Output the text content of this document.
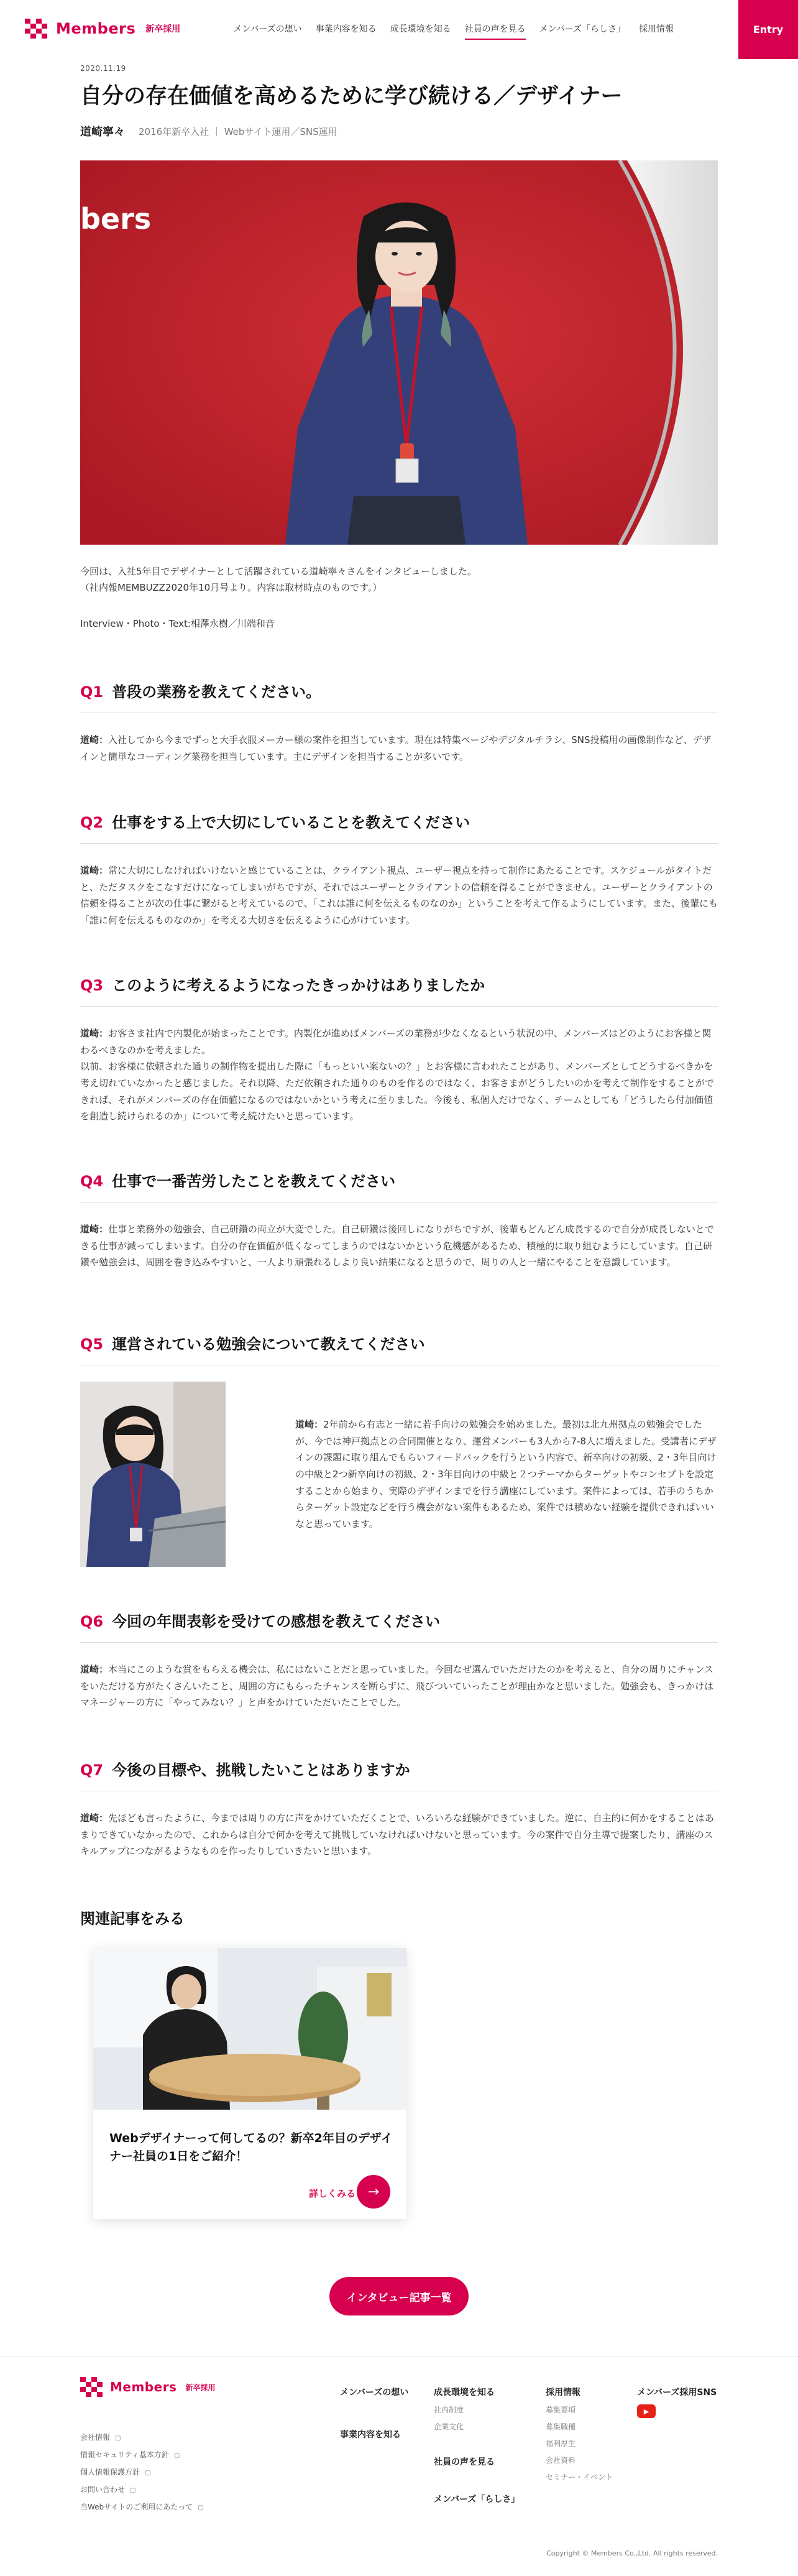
Members 新卒採用	メンバーズの想い 事業内容を知る 成長環境を知る 社員の声を見る メンバーズ「らしさ」 採用情報	Entry
2020.11.19
自分の存在価値を高めるために学び続ける／デザイナー
道崎寧々 2016年新卒入社 ｜ Webサイト運用／SNS運用
bers

今回は、入社5年目でデザイナーとして活躍されている道崎寧々さんをインタビューしました。
（社内報MEMBUZZ2020年10月号より。内容は取材時点のものです。）

Interview・Photo・Text:相澤永樹／川端和音

Q1 普段の業務を教えてください。

道崎：入社してから今までずっと大手衣服メーカー様の案件を担当しています。現在は特集ページやデジタルチラシ、SNS投稿用の画像制作など、デザインと簡単なコーディング業務を担当しています。主にデザインを担当することが多いです。

Q2 仕事をする上で大切にしていることを教えてください

道崎：常に大切にしなければいけないと感じていることは、クライアント視点、ユーザー視点を持って制作にあたることです。スケジュールがタイトだと、ただタスクをこなすだけになってしまいがちですが、それではユーザーとクライアントの信頼を得ることができません。ユーザーとクライアントの信頼を得ることが次の仕事に繋がると考えているので、「これは誰に何を伝えるものなのか」ということを考えて作るようにしています。また、後輩にも「誰に何を伝えるものなのか」を考える大切さを伝えるように心がけています。

Q3 このように考えるようになったきっかけはありましたか

道崎：お客さま社内で内製化が始まったことです。内製化が進めばメンバーズの業務が少なくなるという状況の中、メンバーズはどのようにお客様と関わるべきなのかを考えました。
以前、お客様に依頼された通りの制作物を提出した際に「もっといい案ないの？」とお客様に言われたことがあり、メンバーズとしてどうするべきかを考え切れていなかったと感じました。それ以降、ただ依頼された通りのものを作るのではなく、お客さまがどうしたいのかを考えて制作をすることができれば、それがメンバーズの存在価値になるのではないかという考えに至りました。今後も、私個人だけでなく、チームとしても「どうしたら付加価値を創造し続けられるのか」について考え続けたいと思っています。

Q4 仕事で一番苦労したことを教えてください

道崎：仕事と業務外の勉強会、自己研鑽の両立が大変でした。自己研鑽は後回しになりがちですが、後輩もどんどん成長するので自分が成長しないとできる仕事が減ってしまいます。自分の存在価値が低くなってしまうのではないかという危機感があるため、積極的に取り組むようにしています。自己研鑽や勉強会は、周囲を巻き込みやすいと、一人より頑張れるしより良い結果になると思うので、周りの人と一緒にやることを意識しています。

Q5 運営されている勉強会について教えてください

道崎：2年前から有志と一緒に若手向けの勉強会を始めました。最初は北九州拠点の勉強会でしたが、今では神戸拠点との合同開催となり、運営メンバーも3人から7-8人に増えました。受講者にデザインの課題に取り組んでもらいフィードバックを行うという内容で、新卒向けの初級、2・3年目向けの中級と2つ新卒向けの初級、2・3年目向けの中級と２つテーマからターゲットやコンセプトを設定することから始まり、実際のデザインまでを行う講座にしています。案件によっては、若手のうちからターゲット設定などを行う機会がない案件もあるため、案件では積めない経験を提供できればいいなと思っています。

Q6 今回の年間表彰を受けての感想を教えてください

道崎：本当にこのような賞をもらえる機会は、私にはないことだと思っていました。今回なぜ選んでいただけたのかを考えると、自分の周りにチャンスをいただける方がたくさんいたこと、周囲の方にもらったチャンスを断らずに、飛びついていったことが理由かなと思いました。勉強会も、きっかけはマネージャーの方に「やってみない？」と声をかけていただいたことでした。

Q7 今後の目標や、挑戦したいことはありますか

道崎：先ほども言ったように、今までは周りの方に声をかけていただくことで、いろいろな経験ができていました。逆に、自主的に何かをすることはあまりできていなかったので、これからは自分で何かを考えて挑戦していなければいけないと思っています。今の案件で自分主導で提案したり、講座のスキルアップにつながるようなものを作ったりしていきたいと思います。

関連記事をみる

Webデザイナーって何してるの？新卒2年目のデザイナー社員の1日をご紹介！

詳しくみる →
インタビュー記事一覧
Members 新卒採用
会社情報 ▢
情報セキュリティ基本方針 ▢
個人情報保護方針 ▢
お問い合わせ ▢
当Webサイトのご利用にあたって ▢
メンバーズの想い
事業内容を知る
成長環境を知る
社内制度
企業文化
社員の声を見る
メンバーズ「らしさ」
採用情報
募集要項
募集職種
福利厚生
会社資料
セミナー・イベント
メンバーズ採用SNS
▶
Copyright © Members Co.,Ltd. All rights reserved.
